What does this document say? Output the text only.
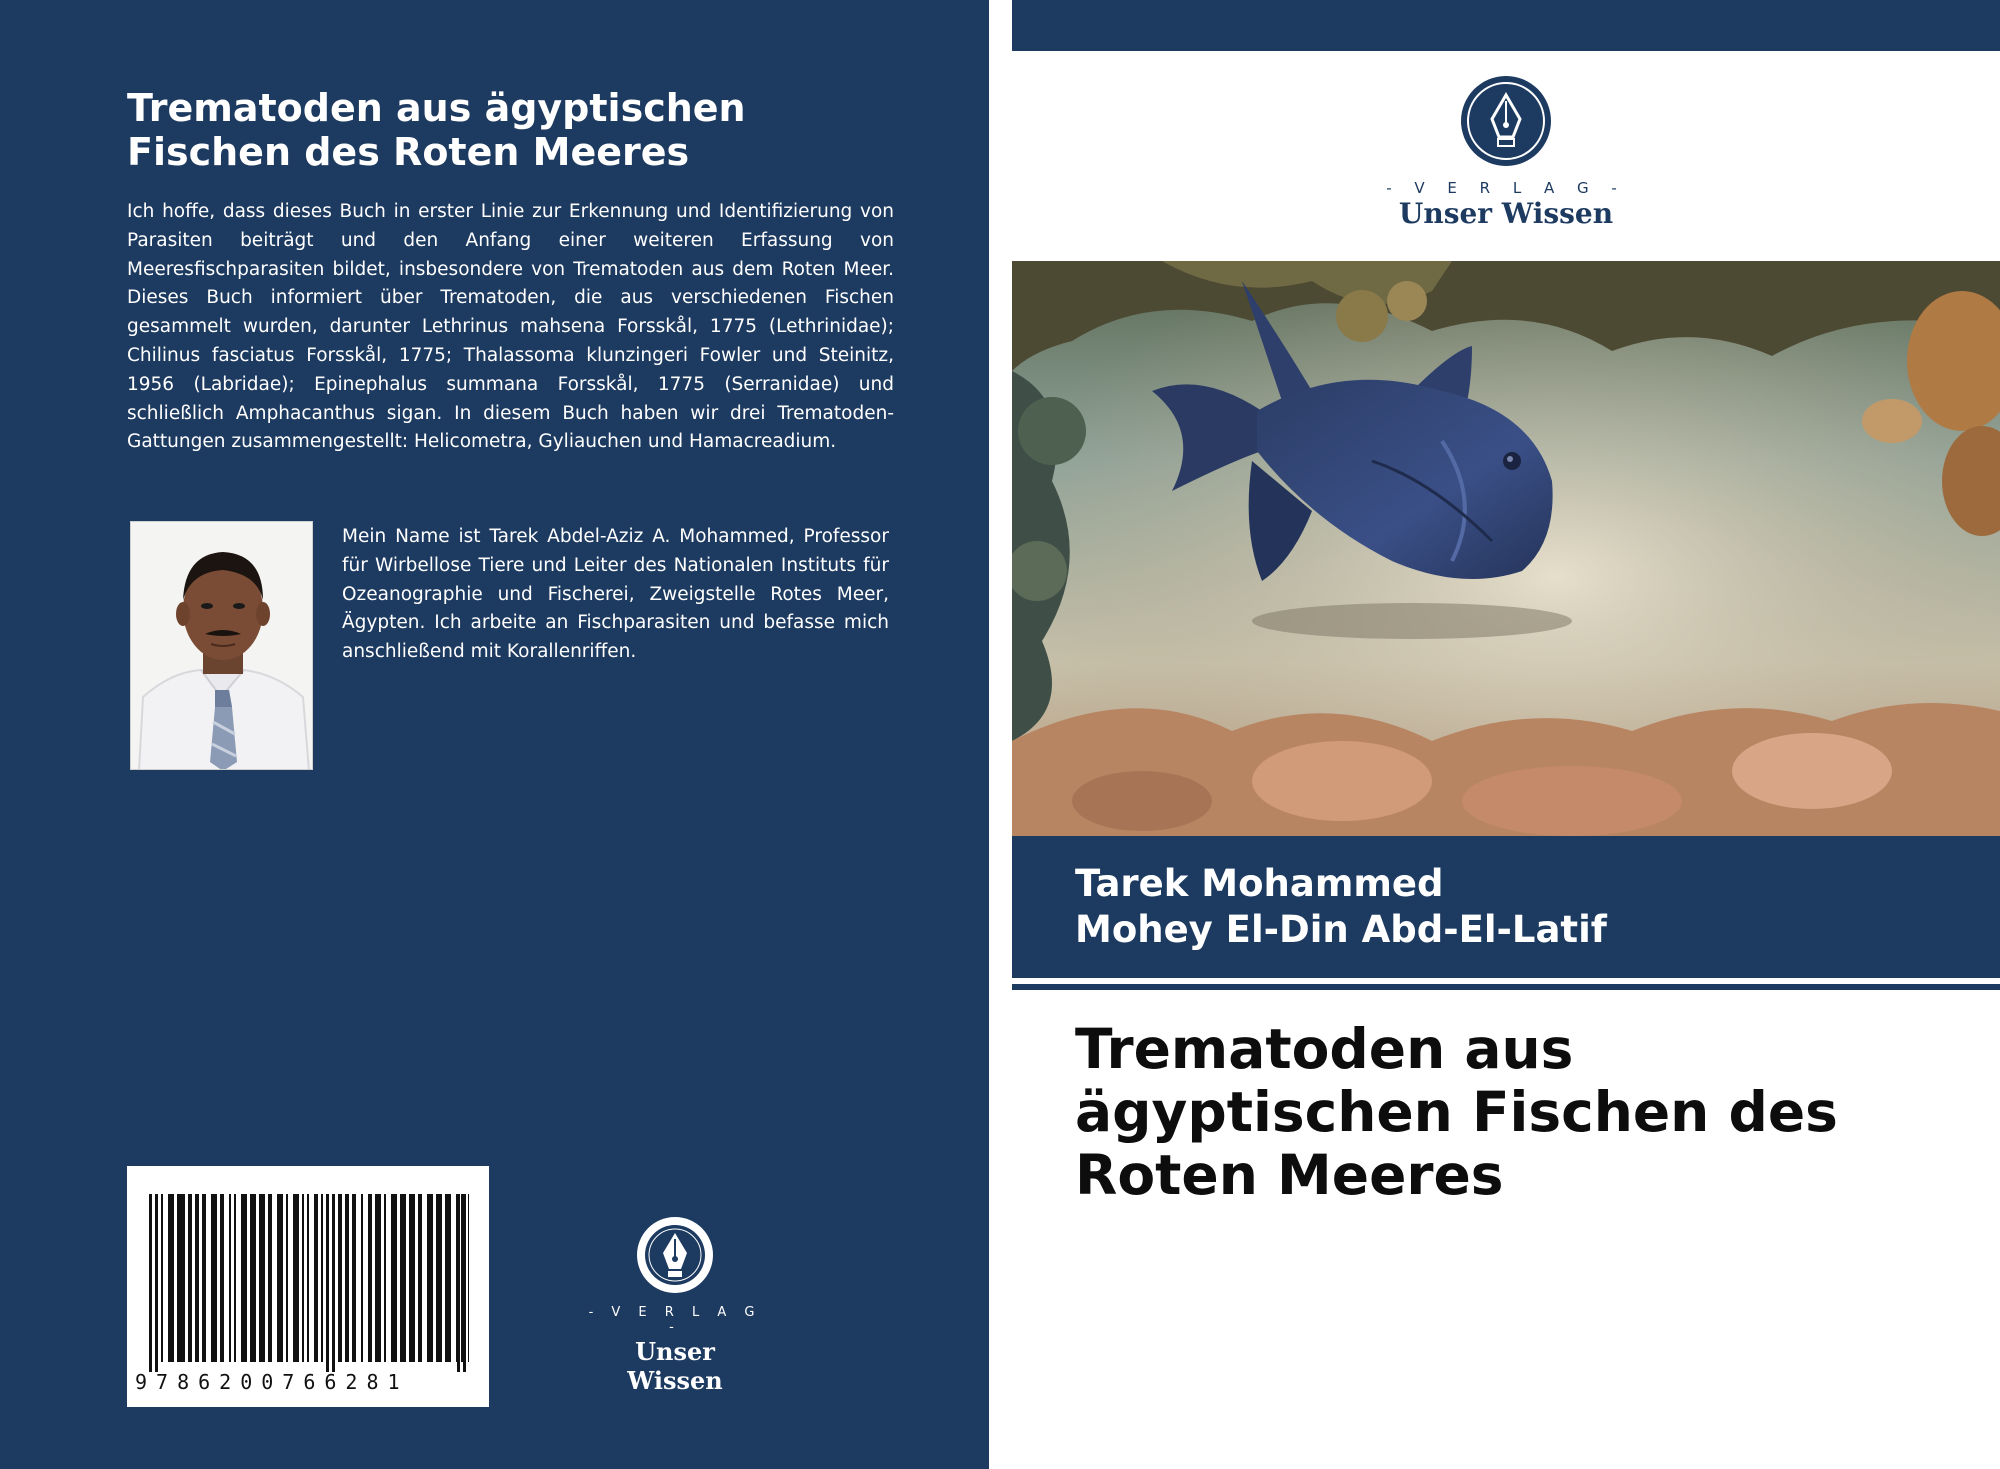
Trematoden aus ägyptischen
Fischen des Roten Meeres

Ich hoffe, dass dieses Buch in erster Linie zur Erkennung und Identifizierung von Parasiten beiträgt und den Anfang einer weiteren Erfassung von Meeresfischparasiten bildet, insbesondere von Trematoden aus dem Roten Meer. Dieses Buch informiert über Trematoden, die aus verschiedenen Fischen gesammelt wurden, darunter Lethrinus mahsena Forsskål, 1775 (Lethrinidae); Chilinus fasciatus Forsskål, 1775; Thalassoma klunzingeri Fowler und Steinitz, 1956 (Labridae); Epinephalus summana Forsskål, 1775 (Serranidae) und schließlich Amphacanthus sigan. In diesem Buch haben wir drei Trematoden-Gattungen zusammengestellt: Helicometra, Gyliauchen und Hamacreadium.

Mein Name ist Tarek Abdel-Aziz A. Mohammed, Professor für Wirbellose Tiere und Leiter des Nationalen Instituts für Ozeanographie und Fischerei, Zweigstelle Rotes Meer, Ägypten. Ich arbeite an Fischparasiten und befasse mich anschließend mit Korallenriffen.

9786200766281
- V E R L A G -
Unser Wissen
- V E R L A G -
Unser Wissen
Tarek Mohammed
Mohey El-Din Abd-El-Latif
Trematoden aus
ägyptischen Fischen des
Roten Meeres
